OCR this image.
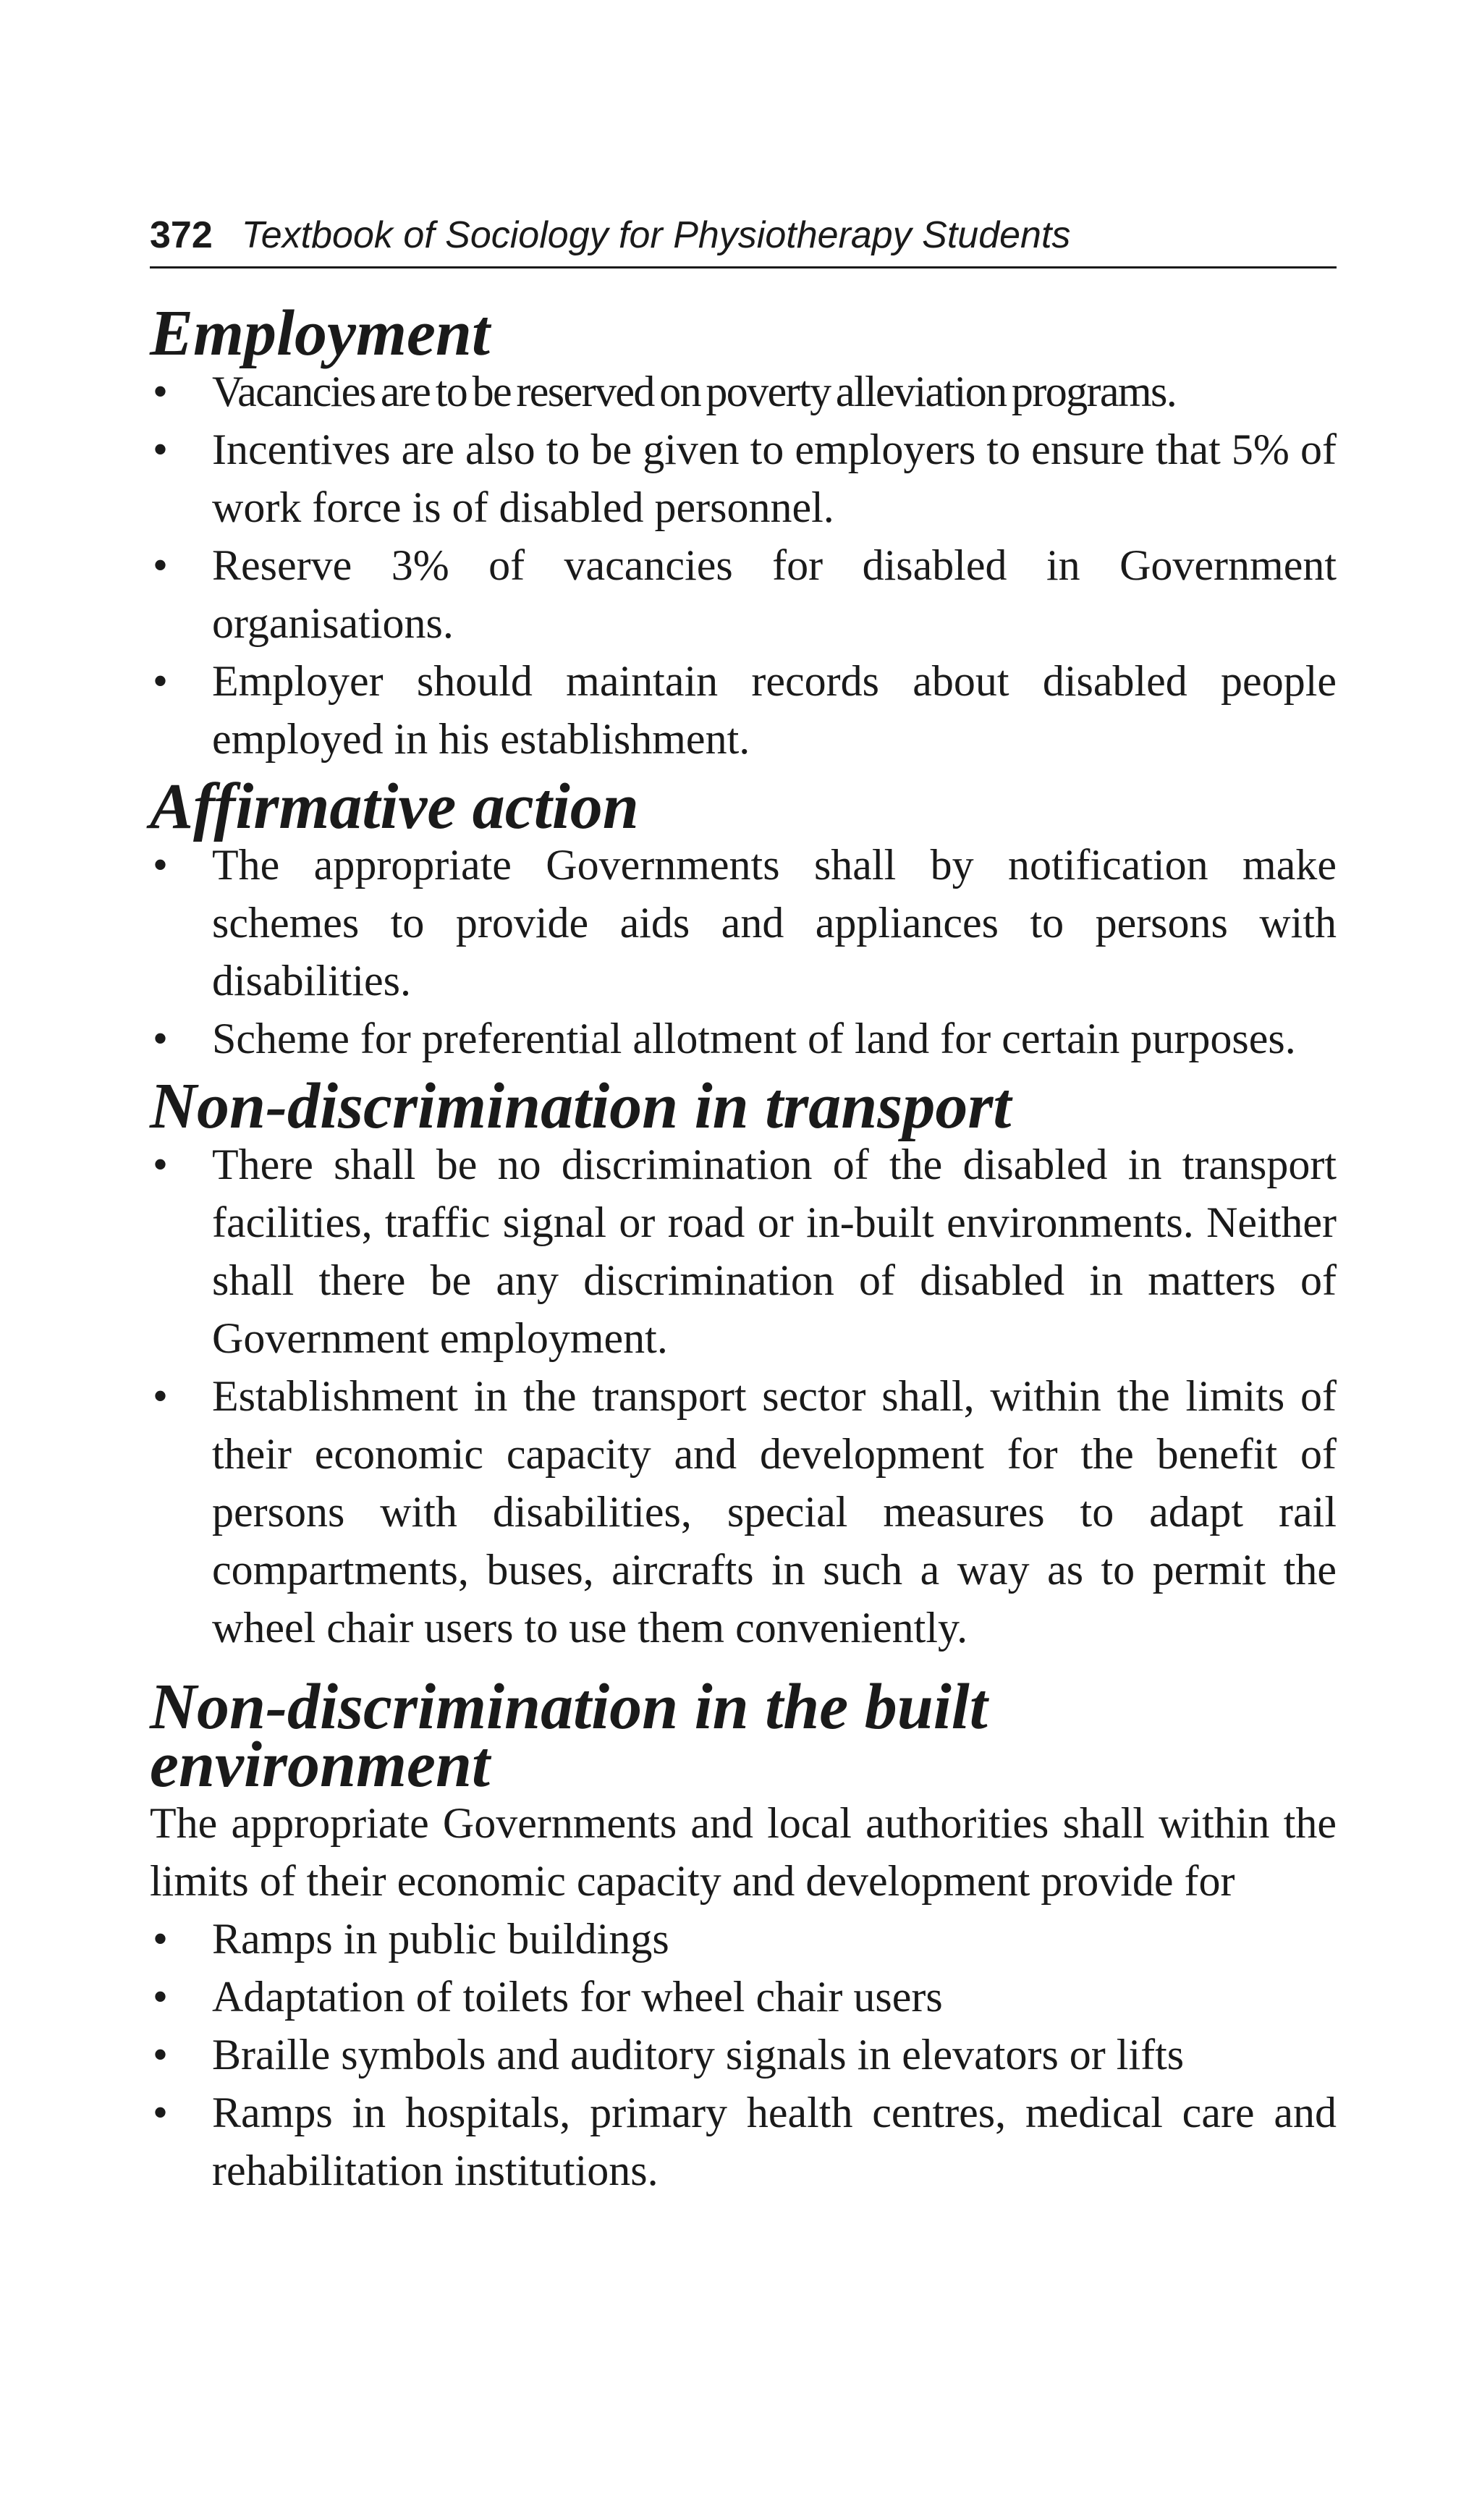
372 Textbook of Sociology for Physiotherapy Students
Employment
• Vacancies are to be reserved on poverty alleviation programs.
• Incentives are also to be given to employers to ensure that 5% of work force is of disabled personnel.
• Reserve 3% of vacancies for disabled in Government organisations.
• Employer should maintain records about disabled people employed in his establishment.
Affirmative action
• The appropriate Governments shall by notification make schemes to provide aids and appliances to persons with disabilities.
• Scheme for preferential allotment of land for certain purposes.
Non-discrimination in transport
• There shall be no discrimination of the disabled in transport facilities, traffic signal or road or in-built environments. Neither shall there be any discrimination of disabled in matters of Government employment.
• Establishment in the transport sector shall, within the limits of their economic capacity and development for the benefit of persons with disabilities, special measures to adapt rail compartments, buses, aircrafts in such a way as to permit the wheel chair users to use them conveniently.
Non-discrimination in the built environment

The appropriate Governments and local authorities shall within the limits of their economic capacity and development provide for

• Ramps in public buildings
• Adaptation of toilets for wheel chair users
• Braille symbols and auditory signals in elevators or lifts
• Ramps in hospitals, primary health centres, medical care and rehabilitation institutions.
